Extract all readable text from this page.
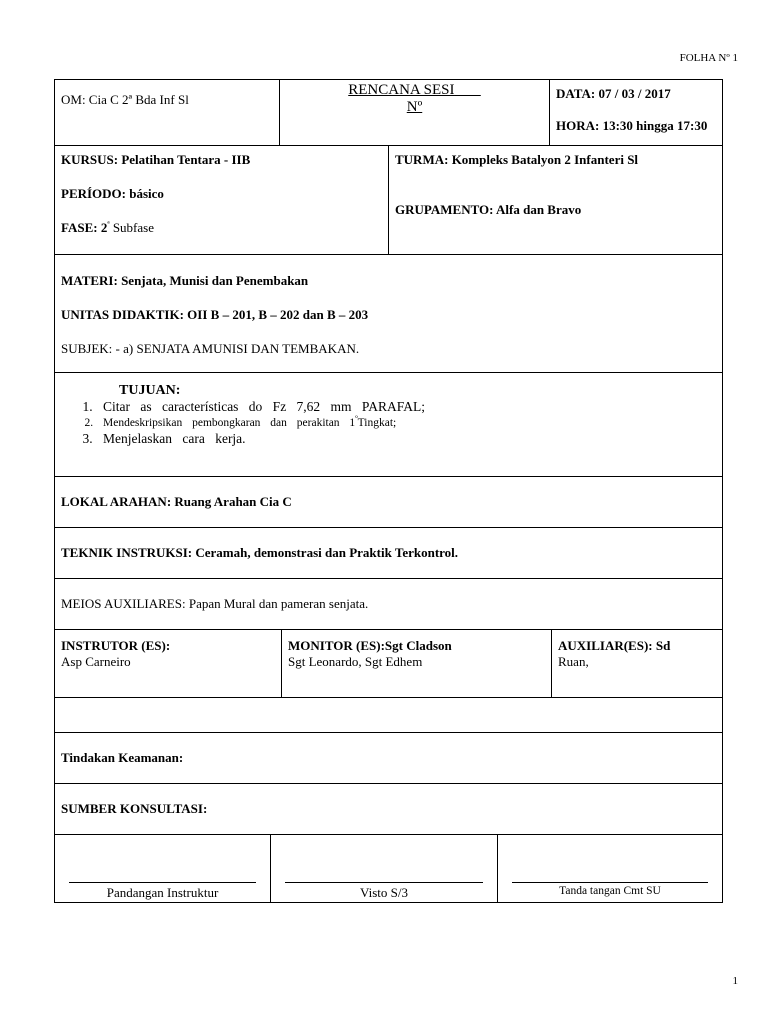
FOLHA Nº 1
OM: Cia C 2ª Bda Inf Sl
RENCANA SESI
Nº
DATA: 07 / 03 / 2017
HORA: 13:30 hingga 17:30
KURSUS: Pelatihan Tentara - IIB
PERÍODO: básico
FASE: $2^ª$ Subfase
TURMA: Kompleks Batalyon 2 Infanteri Sl
GRUPAMENTO: Alfa dan Bravo
MATERI: Senjata, Munisi dan Penembakan
UNITAS DIDAKTIK: OII B – 201, B – 202 dan B – 203
SUBJEK: - a) SENJATA AMUNISI DAN TEMBAKAN.
TUJUAN:
1. Citar as características do Fz 7,62 mm PARAFAL;
2. Mendeskripsikan pembongkaran dan perakitan $1^ºTingkat$;
3. Menjelaskan cara kerja.
LOKAL ARAHAN: Ruang Arahan Cia C
TEKNIK INSTRUKSI: Ceramah, demonstrasi dan Praktik Terkontrol.
MEIOS AUXILIARES: Papan Mural dan pameran senjata.
INSTRUTOR (ES):
Asp Carneiro
MONITOR (ES):Sgt Cladson
Sgt Leonardo, Sgt Edhem
AUXILIAR(ES): Sd
Ruan,
Tindakan Keamanan:
SUMBER KONSULTASI:
Pandangan Instruktur	Visto S/3	Tanda tangan Cmt SU
1
